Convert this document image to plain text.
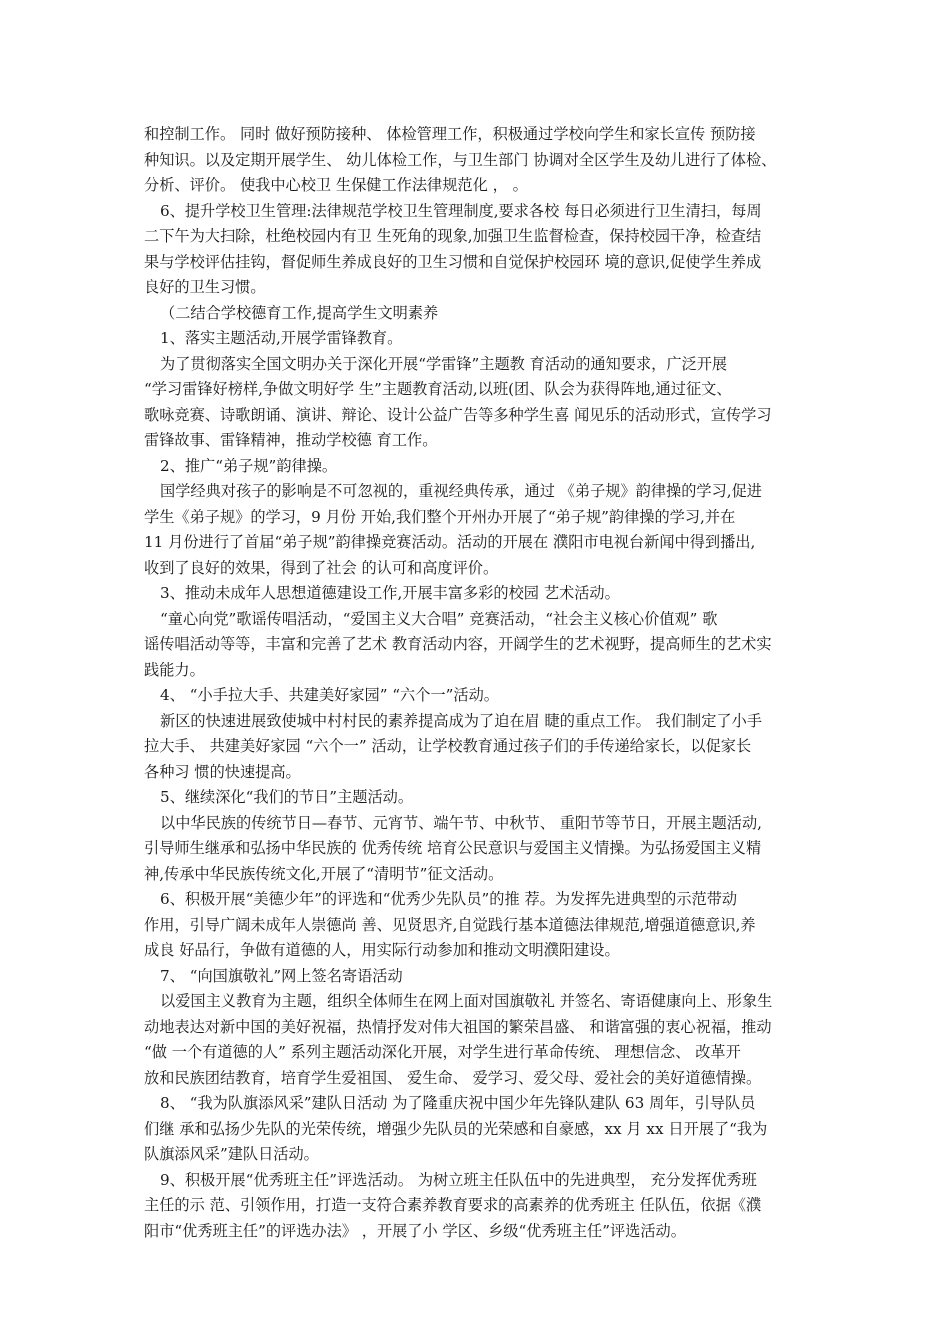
和控制工作。 同时 做好预防接种、 体检管理工作，积极通过学校向学生和家长宣传 预防接
种知识。以及定期开展学生、 幼儿体检工作，与卫生部门 协调对全区学生及幼儿进行了体检、
分析、评价。 使我中心校卫 生保健工作法律规范化 ， 。
6、提升学校卫生管理:法律规范学校卫生管理制度,要求各校 每日必须进行卫生清扫，每周
二下午为大扫除，杜绝校园内有卫 生死角的现象,加强卫生监督检查，保持校园干净，检查结
果与学校评估挂钩，督促师生养成良好的卫生习惯和自觉保护校园环 境的意识,促使学生养成
良好的卫生习惯。
（二结合学校德育工作,提高学生文明素养
1、落实主题活动,开展学雷锋教育。
为了贯彻落实全国文明办关于深化开展“学雷锋”主题教 育活动的通知要求，广泛开展
“学习雷锋好榜样,争做文明好学 生”主题教育活动,以班(团、队会为获得阵地,通过征文、
歌咏竞赛、诗歌朗诵、演讲、辩论、设计公益广告等多种学生喜 闻见乐的活动形式，宣传学习
雷锋故事、雷锋精神，推动学校德 育工作。
2、推广“弟子规”韵律操。
国学经典对孩子的影响是不可忽视的，重视经典传承，通过 《弟子规》韵律操的学习,促进
学生《弟子规》的学习，9 月份 开始,我们整个开州办开展了“弟子规”韵律操的学习,并在
11 月份进行了首届“弟子规”韵律操竞赛活动。活动的开展在 濮阳市电视台新闻中得到播出,
收到了良好的效果，得到了社会 的认可和高度评价。
3、推动未成年人思想道德建设工作,开展丰富多彩的校园 艺术活动。
“童心向党”歌谣传唱活动，“爱国主义大合唱” 竞赛活动，“社会主义核心价值观” 歌
谣传唱活动等等，丰富和完善了艺术 教育活动内容，开阔学生的艺术视野，提高师生的艺术实
践能力。
4、 “小手拉大手、共建美好家园” “六个一”活动。
新区的快速进展致使城中村村民的素养提高成为了迫在眉 睫的重点工作。 我们制定了小手
拉大手、 共建美好家园 “六个一” 活动，让学校教育通过孩子们的手传递给家长，以促家长
各种习 惯的快速提高。
5、继续深化“我们的节日”主题活动。
以中华民族的传统节日—春节、元宵节、端午节、中秋节、 重阳节等节日，开展主题活动,
引导师生继承和弘扬中华民族的 优秀传统 培育公民意识与爱国主义情操。为弘扬爱国主义精
神,传承中华民族传统文化,开展了“清明节”征文活动。
6、积极开展“美德少年”的评选和“优秀少先队员”的推 荐。为发挥先进典型的示范带动
作用，引导广阔未成年人崇德尚 善、见贤思齐,自觉践行基本道德法律规范,增强道德意识,养
成良 好品行，争做有道德的人，用实际行动参加和推动文明濮阳建设。
7、 “向国旗敬礼”网上签名寄语活动
以爱国主义教育为主题，组织全体师生在网上面对国旗敬礼 并签名、寄语健康向上、形象生
动地表达对新中国的美好祝福，热情抒发对伟大祖国的繁荣昌盛、 和谐富强的衷心祝福，推动
“做 一个有道德的人” 系列主题活动深化开展，对学生进行革命传统、 理想信念、 改革开
放和民族团结教育，培育学生爱祖国、 爱生命、 爱学习、爱父母、爱社会的美好道德情操。
8、 “我为队旗添风采”建队日活动 为了隆重庆祝中国少年先锋队建队 63 周年，引导队员
们继 承和弘扬少先队的光荣传统，增强少先队员的光荣感和自豪感，xx 月 xx 日开展了“我为
队旗添风采”建队日活动。
9、积极开展“优秀班主任”评选活动。 为树立班主任队伍中的先进典型， 充分发挥优秀班
主任的示 范、引领作用，打造一支符合素养教育要求的高素养的优秀班主 任队伍，依据《濮
阳市“优秀班主任”的评选办法》 ，开展了小 学区、乡级“优秀班主任”评选活动。
